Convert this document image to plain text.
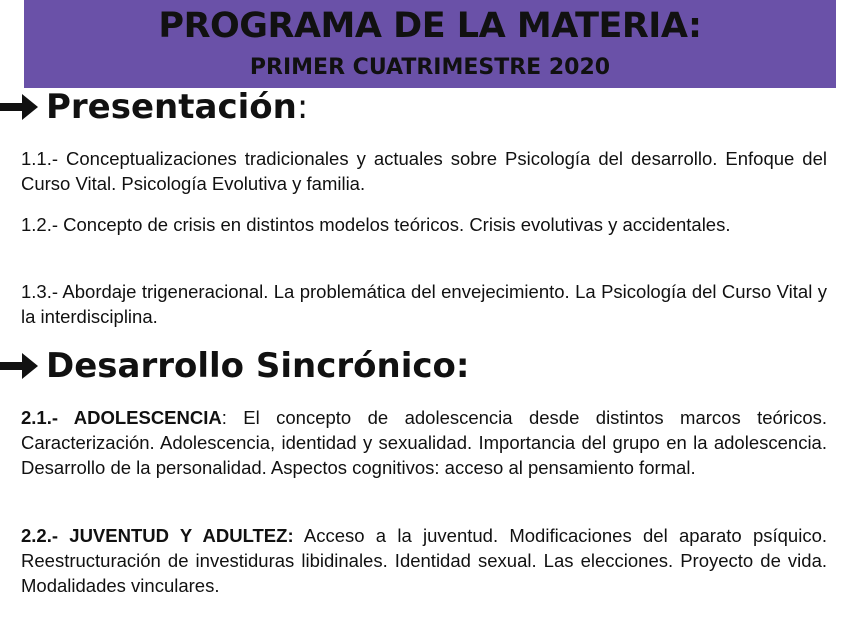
PROGRAMA DE LA MATERIA:
PRIMER CUATRIMESTRE 2020
Presentación :
1.1.- Conceptualizaciones tradicionales y actuales sobre Psicología del desarrollo. Enfoque del Curso Vital. Psicología Evolutiva y familia.
1.2.- Concepto de crisis en distintos modelos teóricos. Crisis evolutivas y accidentales.
1.3.- Abordaje trigeneracional. La problemática del envejecimiento. La Psicología del Curso Vital y la interdisciplina.
Desarrollo Sincrónico:
2.1.- ADOLESCENCIA: El concepto de adolescencia desde distintos marcos teóricos. Caracterización. Adolescencia, identidad y sexualidad. Importancia del grupo en la adolescencia. Desarrollo de la personalidad. Aspectos cognitivos: acceso al pensamiento formal.
2.2.- JUVENTUD Y ADULTEZ: Acceso a la juventud. Modificaciones del aparato psíquico. Reestructuración de investiduras libidinales. Identidad sexual. Las elecciones. Proyecto de vida. Modalidades vinculares.
